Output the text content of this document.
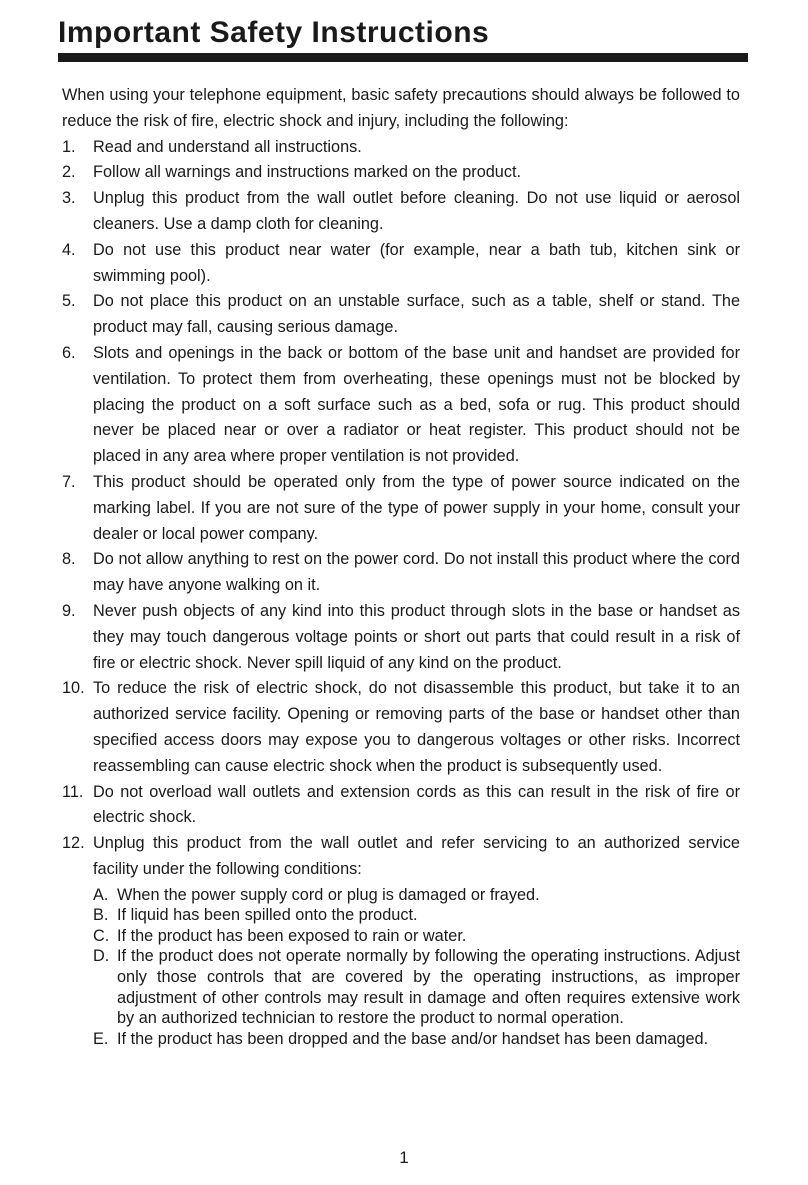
Important Safety Instructions

When using your telephone equipment, basic safety precautions should always be followed to reduce the risk of fire, electric shock and injury, including the following:

1. Read and understand all instructions.
2. Follow all warnings and instructions marked on the product.
3. Unplug this product from the wall outlet before cleaning. Do not use liquid or aerosol cleaners. Use a damp cloth for cleaning.
4. Do not use this product near water (for example, near a bath tub, kitchen sink or swimming pool).
5. Do not place this product on an unstable surface, such as a table, shelf or stand. The product may fall, causing serious damage.
6. Slots and openings in the back or bottom of the base unit and handset are provided for ventilation. To protect them from overheating, these openings must not be blocked by placing the product on a soft surface such as a bed, sofa or rug. This product should never be placed near or over a radiator or heat register. This product should not be placed in any area where proper ventilation is not provided.
7. This product should be operated only from the type of power source indicated on the marking label. If you are not sure of the type of power supply in your home, consult your dealer or local power company.
8. Do not allow anything to rest on the power cord. Do not install this product where the cord may have anyone walking on it.
9. Never push objects of any kind into this product through slots in the base or handset as they may touch dangerous voltage points or short out parts that could result in a risk of fire or electric shock. Never spill liquid of any kind on the product.
10. To reduce the risk of electric shock, do not disassemble this product, but take it to an authorized service facility. Opening or removing parts of the base or handset other than specified access doors may expose you to dangerous voltages or other risks. Incorrect reassembling can cause electric shock when the product is subsequently used.
11. Do not overload wall outlets and extension cords as this can result in the risk of fire or electric shock.
12. Unplug this product from the wall outlet and refer servicing to an authorized service facility under the following conditions:
A. When the power supply cord or plug is damaged or frayed.
B. If liquid has been spilled onto the product.
C. If the product has been exposed to rain or water.
D. If the product does not operate normally by following the operating instructions. Adjust only those controls that are covered by the operating instructions, as improper adjustment of other controls may result in damage and often requires extensive work by an authorized technician to restore the product to normal operation.
E. If the product has been dropped and the base and/or handset has been damaged.
1
